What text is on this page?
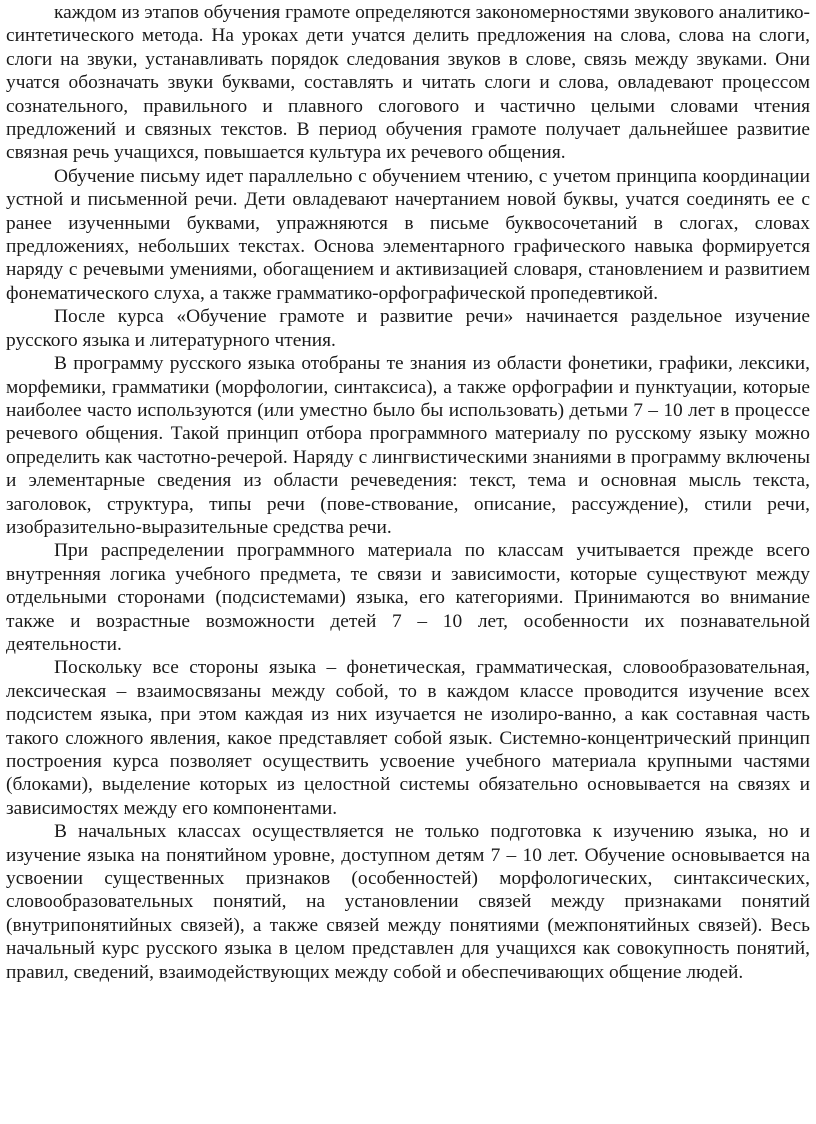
каждом из этапов обучения грамоте определяются закономерностями звукового аналитико-синтетического метода. На уроках дети учатся делить предложения на слова, слова на слоги, слоги на звуки, устанавливать порядок следования звуков в слове, связь между звуками. Они учатся обозначать звуки буквами, составлять и читать слоги и слова, овладевают процессом сознательного, правильного и плавного слогового и частично целыми словами чтения предложений и связных текстов. В период обучения грамоте получает дальнейшее развитие связная речь учащихся, повышается культура их речевого общения.

Обучение письму идет параллельно с обучением чтению, с учетом принципа координации устной и письменной речи. Дети овладевают начертанием новой буквы, учатся соединять ее с ранее изученными буквами, упражняются в письме буквосочетаний в слогах, словах предложениях, небольших текстах. Основа элементарного графического навыка формируется наряду с речевыми умениями, обогащением и активизацией словаря, становлением и развитием фонематического слуха, а также грамматико-орфографической пропедевтикой.

После курса «Обучение грамоте и развитие речи» начинается раздельное изучение русского языка и литературного чтения.

В программу русского языка отобраны те знания из области фонетики, графики, лексики, морфемики, грамматики (морфологии, синтаксиса), а также орфографии и пунктуации, которые наиболее часто используются (или уместно было бы использовать) детьми 7 – 10 лет в процессе речевого общения. Такой принцип отбора программного материалу по русскому языку можно определить как частотно-речерой. Наряду с лингвистическими знаниями в программу включены и элементарные сведения из области речеведения: текст, тема и основная мысль текста, заголовок, структура, типы речи (пове-ствование, описание, рассуждение), стили речи, изобразительно-выразительные средства речи.

При распределении программного материала по классам учитывается прежде всего внутренняя логика учебного предмета, те связи и зависимости, которые существуют между отдельными сторонами (подсистемами) языка, его категориями. Принимаются во внимание также и возрастные возможности детей 7 – 10 лет, особенности их познавательной деятельности.

Поскольку все стороны языка – фонетическая, грамматическая, словообразовательная, лексическая – взаимосвязаны между собой, то в каждом классе проводится изучение всех подсистем языка, при этом каждая из них изучается не изолиро-ванно, а как составная часть такого сложного явления, какое представляет собой язык. Системно-концентрический принцип построения курса позволяет осуществить усвоение учебного материала крупными частями (блоками), выделение которых из целостной системы обязательно основывается на связях и зависимостях между его компонентами.

В начальных классах осуществляется не только подготовка к изучению языка, но и изучение языка на понятийном уровне, доступном детям 7 – 10 лет. Обучение основывается на усвоении существенных признаков (особенностей) морфологических, синтаксических, словообразовательных понятий, на установлении связей между признаками понятий (внутрипонятийных связей), а также связей между понятиями (межпонятийных связей). Весь начальный курс русского языка в целом представлен для учащихся как совокупность понятий, правил, сведений, взаимодействующих между собой и обеспечивающих общение людей.
